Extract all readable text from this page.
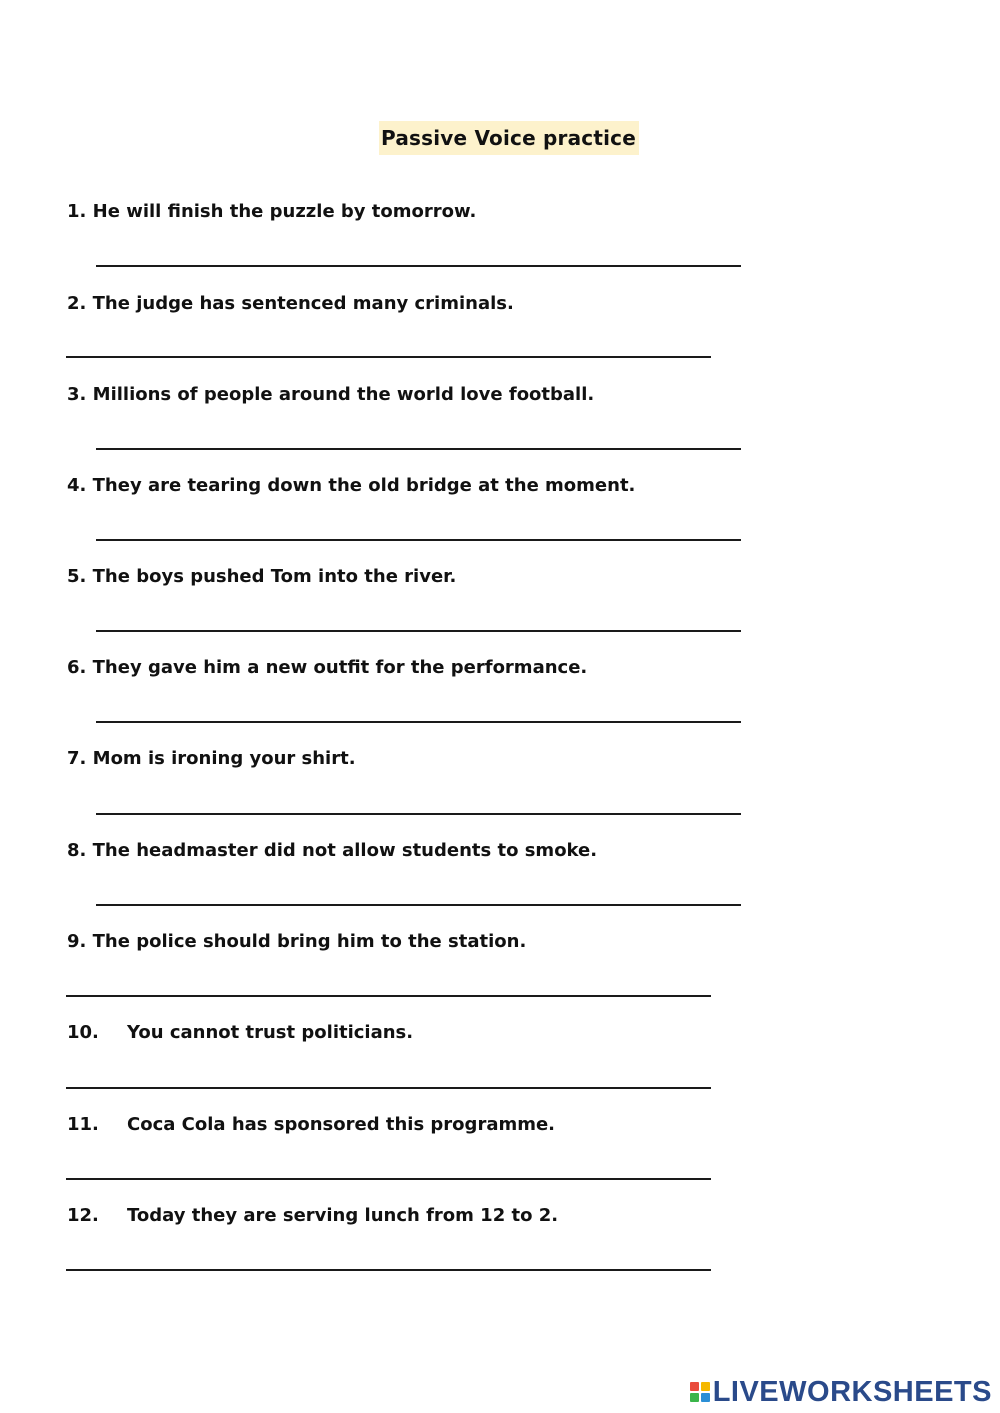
Passive Voice practice
1. He will finish the puzzle by tomorrow.
2. The judge has sentenced many criminals.
3. Millions of people around the world love football.
4. They are tearing down the old bridge at the moment.
5. The boys pushed Tom into the river.
6. They gave him a new outfit for the performance.
7. Mom is ironing your shirt.
8. The headmaster did not allow students to smoke.
9. The police should bring him to the station.
10. You cannot trust politicians.
11. Coca Cola has sponsored this programme.
12. Today they are serving lunch from 12 to 2.
LIVEWORKSHEETS
